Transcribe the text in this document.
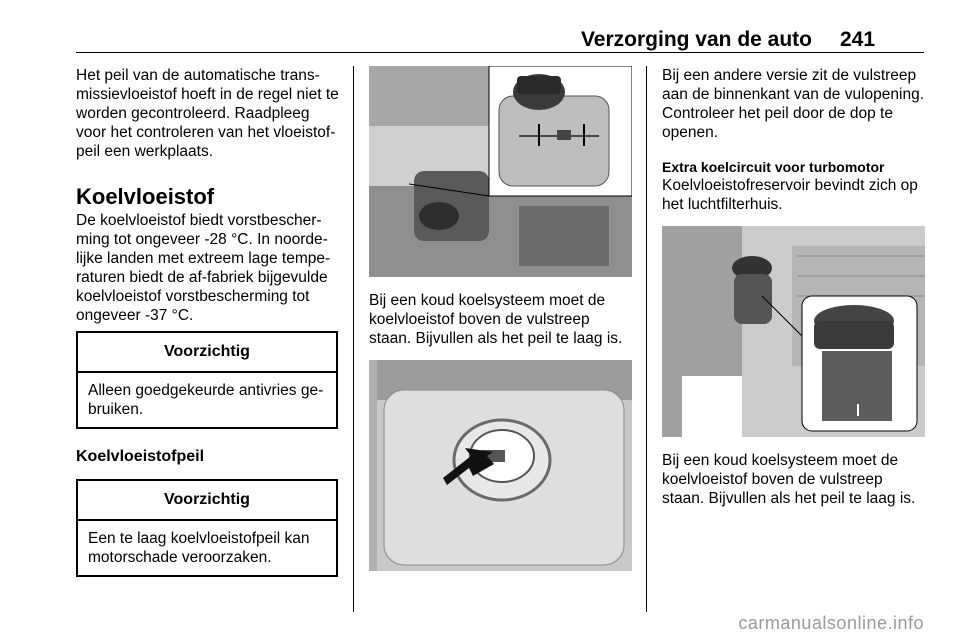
Verzorging van de auto 241

Het peil van de automatische transmissievloeistof hoeft in de regel niet te worden gecontroleerd. Raadpleeg voor het controleren van het vloeistofpeil een werkplaats.

Koelvloeistof

De koelvloeistof biedt vorstbescherming tot ongeveer -28 °C. In noordelijke landen met extreem lage temperaturen biedt de af-fabriek bijgevulde koelvloeistof vorstbescherming tot ongeveer -37 °C.

Voorzichtig
Alleen goedgekeurde antivries gebruiken.
Koelvloeistofpeil
Voorzichtig
Een te laag koelvloeistofpeil kan motorschade veroorzaken.

Bij een koud koelsysteem moet de koelvloeistof boven de vulstreep staan. Bijvullen als het peil te laag is.

Bij een andere versie zit de vulstreep aan de binnenkant van de vulopening. Controleer het peil door de dop te openen.

Extra koelcircuit voor turbomotor

Koelvloeistofreservoir bevindt zich op het luchtfilterhuis.

Bij een koud koelsysteem moet de koelvloeistof boven de vulstreep staan. Bijvullen als het peil te laag is.

carmanualsonline.info
